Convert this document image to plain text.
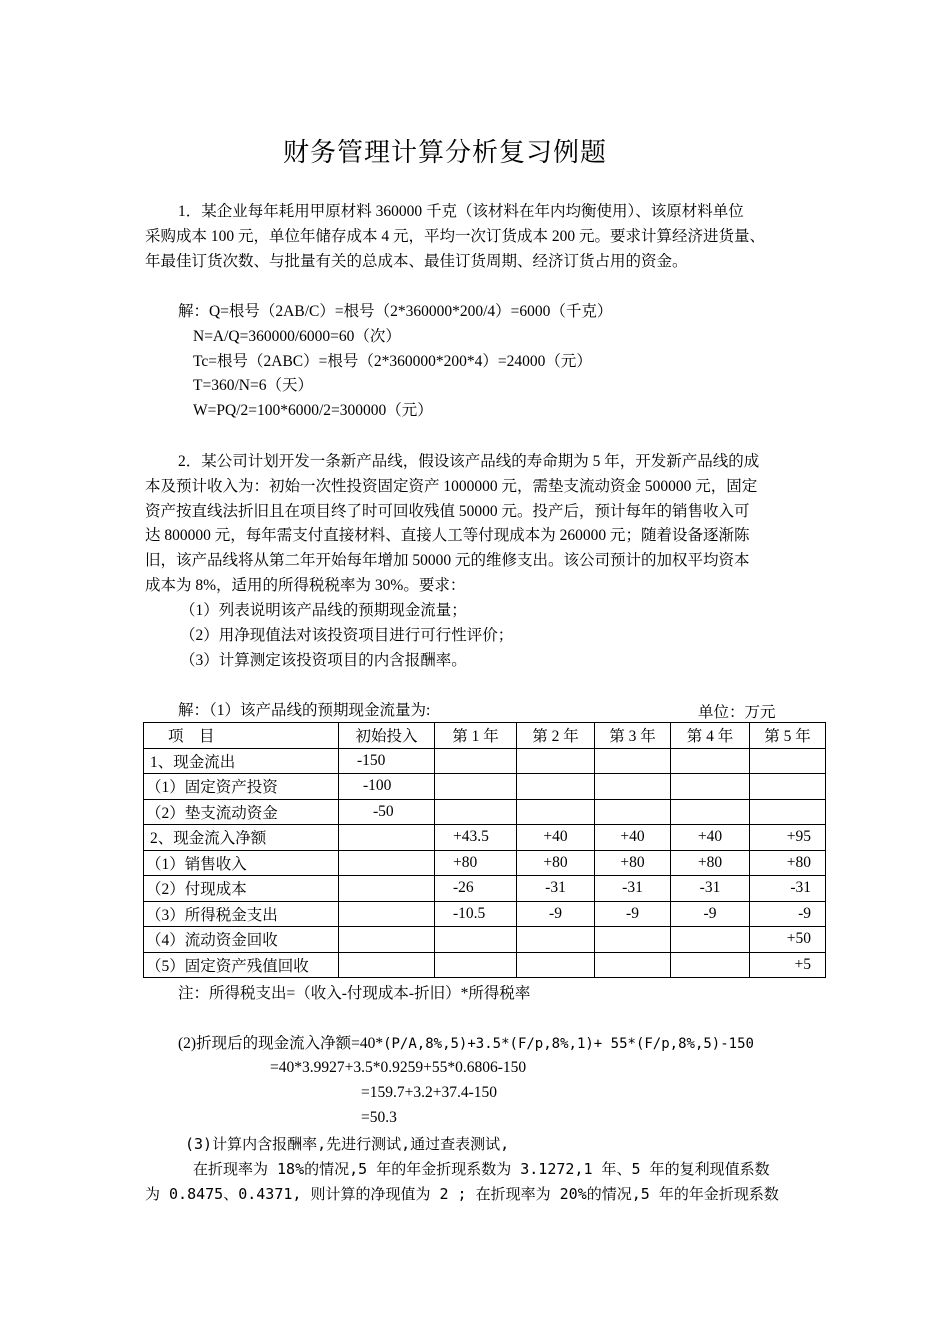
财务管理计算分析复习例题
1．某企业每年耗用甲原材料 360000 千克（该材料在年内均衡使用）、该原材料单位
采购成本 100 元，单位年储存成本 4 元，平均一次订货成本 200 元。要求计算经济进货量、
年最佳订货次数、与批量有关的总成本、最佳订货周期、经济订货占用的资金。
解：Q=根号（2AB/C）=根号（2*360000*200/4）=6000（千克）
N=A/Q=360000/6000=60（次）
Tc=根号（2ABC）=根号（2*360000*200*4）=24000（元）
T=360/N=6（天）
W=PQ/2=100*6000/2=300000（元）
2．某公司计划开发一条新产品线，假设该产品线的寿命期为 5 年，开发新产品线的成
本及预计收入为：初始一次性投资固定资产 1000000 元，需垫支流动资金 500000 元，固定
资产按直线法折旧且在项目终了时可回收残值 50000 元。投产后，预计每年的销售收入可
达 800000 元，每年需支付直接材料、直接人工等付现成本为 260000 元；随着设备逐渐陈
旧，该产品线将从第二年开始每年增加 50000 元的维修支出。该公司预计的加权平均资本
成本为 8%，适用的所得税税率为 30%。要求：
（1）列表说明该产品线的预期现金流量；
（2）用净现值法对该投资项目进行可行性评价；
（3）计算测定该投资项目的内含报酬率。
解：（1）该产品线的预期现金流量为:	单位：万元
项　目	初始投入	第 1 年	第 2 年	第 3 年	第 4 年	第 5 年
1、现金流出	-150					
（1）固定资产投资	-100					
（2）垫支流动资金	-50					
2、现金流入净额		+43.5	+40	+40	+40	+95
（1）销售收入		+80	+80	+80	+80	+80
（2）付现成本		-26	-31	-31	-31	-31
（3）所得税金支出		-10.5	-9	-9	-9	-9
（4）流动资金回收						+50
（5）固定资产残值回收						+5
注：所得税支出=（收入-付现成本-折旧）*所得税率
(2)折现后的现金流入净额=40*(P/A,8%,5)+3.5*(F/p,8%,1)+ 55*(F/p,8%,5)-150
=40*3.9927+3.5*0.9259+55*0.6806-150
=159.7+3.2+37.4-150
=50.3
(3)计算内含报酬率,先进行测试,通过查表测试,
在折现率为 18%的情况,5 年的年金折现系数为 3.1272,1 年、5 年的复利现值系数
为 0.8475、0.4371, 则计算的净现值为 2 ; 在折现率为 20%的情况,5 年的年金折现系数
